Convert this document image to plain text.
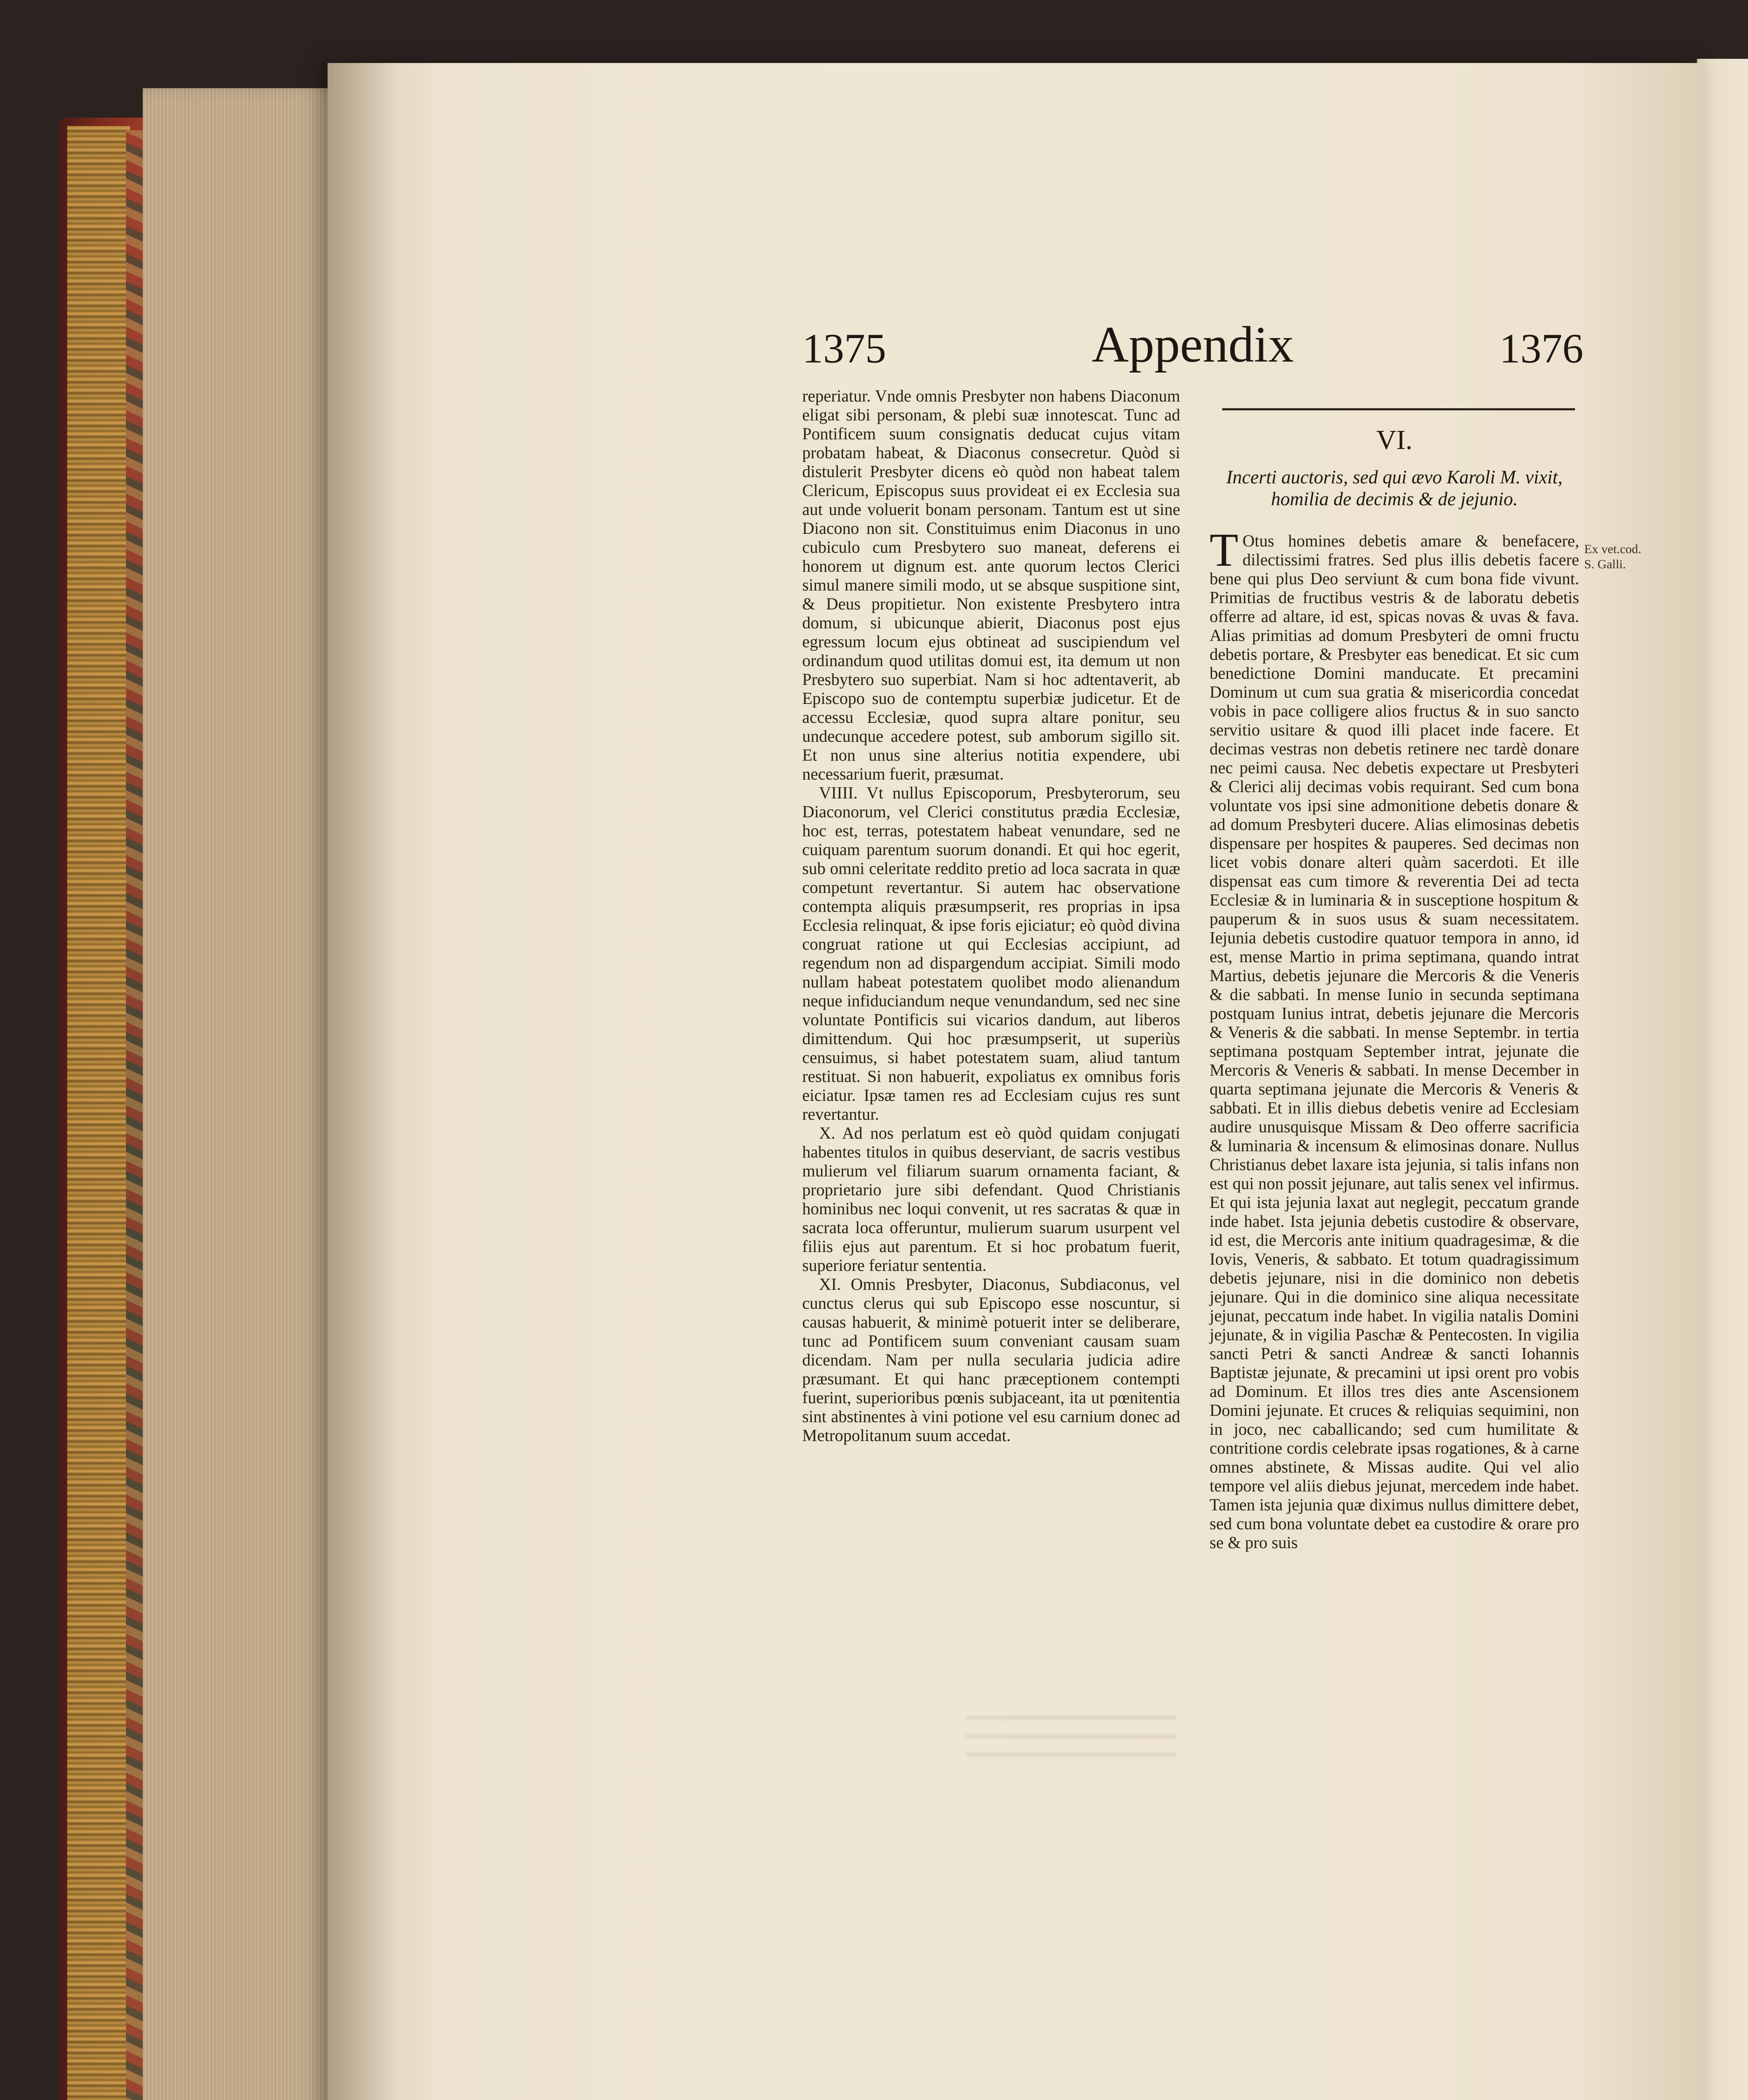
1375	Appendix	1376

reperiatur. Vnde omnis Presbyter non habens Diaconum eligat sibi personam, & plebi suæ innotescat. Tunc ad Pontificem suum consignatis deducat cujus vitam probatam habeat, & Diaconus consecretur. Quòd si distulerit Presbyter dicens eò quòd non habeat talem Clericum, Episcopus suus provideat ei ex Ecclesia sua aut unde voluerit bonam personam. Tantum est ut sine Diacono non sit. Constituimus enim Diaconus in uno cubiculo cum Presbytero suo maneat, deferens ei honorem ut dignum est. ante quorum lectos Clerici simul manere simili modo, ut se absque suspitione sint, & Deus propitietur. Non existente Presbytero intra domum, si ubicunque abierit, Diaconus post ejus egressum locum ejus obtineat ad suscipiendum vel ordinandum quod utilitas domui est, ita demum ut non Presbytero suo superbiat. Nam si hoc adtentaverit, ab Episcopo suo de contemptu superbiæ judicetur. Et de accessu Ecclesiæ, quod supra altare ponitur, seu undecunque accedere potest, sub amborum sigillo sit. Et non unus sine alterius notitia expendere, ubi necessarium fuerit, præsumat.

VIIII. Vt nullus Episcoporum, Presbyterorum, seu Diaconorum, vel Clerici constitutus prædia Ecclesiæ, hoc est, terras, potestatem habeat venundare, sed ne cuiquam parentum suorum donandi. Et qui hoc egerit, sub omni celeritate reddito pretio ad loca sacrata in quæ competunt revertantur. Si autem hac observatione contempta aliquis præsumpserit, res proprias in ipsa Ecclesia relinquat, & ipse foris ejiciatur; eò quòd divina congruat ratione ut qui Ecclesias accipiunt, ad regendum non ad dispargendum accipiat. Simili modo nullam habeat potestatem quolibet modo alienandum neque infiduciandum neque venundandum, sed nec sine voluntate Pontificis sui vicarios dandum, aut liberos dimittendum. Qui hoc præsumpserit, ut superiùs censuimus, si habet potestatem suam, aliud tantum restituat. Si non habuerit, expoliatus ex omnibus foris eiciatur. Ipsæ tamen res ad Ecclesiam cujus res sunt revertantur.

X. Ad nos perlatum est eò quòd quidam conjugati habentes titulos in quibus deserviant, de sacris vestibus mulierum vel filiarum suarum ornamenta faciant, & proprietario jure sibi defendant. Quod Christianis hominibus nec loqui convenit, ut res sacratas & quæ in sacrata loca offeruntur, mulierum suarum usurpent vel filiis ejus aut parentum. Et si hoc probatum fuerit, superiore feriatur sententia.

XI. Omnis Presbyter, Diaconus, Subdiaconus, vel cunctus clerus qui sub Episcopo esse noscuntur, si causas habuerit, & minimè potuerit inter se deliberare, tunc ad Pontificem suum conveniant causam suam dicendam. Nam per nulla secularia judicia adire præsumant. Et qui hanc præceptionem contempti fuerint, superioribus pœnis subjaceant, ita ut pœnitentia sint abstinentes à vini potione vel esu carnium donec ad Metropolitanum suum accedat.

VI.
Incerti auctoris, sed qui ævo Karoli M. vixit, homilia de decimis & de jejunio.

T Otus homines debetis amare & benefacere, dilectissimi fratres. Sed plus illis debetis facere bene qui plus Deo serviunt & cum bona fide vivunt. Primitias de fructibus vestris & de laboratu debetis offerre ad altare, id est, spicas novas & uvas & fava. Alias primitias ad domum Presbyteri de omni fructu debetis portare, & Presbyter eas benedicat. Et sic cum benedictione Domini manducate. Et precamini Dominum ut cum sua gratia & misericordia concedat vobis in pace colligere alios fructus & in suo sancto servitio usitare & quod illi placet inde facere. Et decimas vestras non debetis retinere nec tardè donare nec peimi causa. Nec debetis expectare ut Presbyteri & Clerici alij decimas vobis requirant. Sed cum bona voluntate vos ipsi sine admonitione debetis donare & ad domum Presbyteri ducere. Alias elimosinas debetis dispensare per hospites & pauperes. Sed decimas non licet vobis donare alteri quàm sacerdoti. Et ille dispensat eas cum timore & reverentia Dei ad tecta Ecclesiæ & in luminaria & in susceptione hospitum & pauperum & in suos usus & suam necessitatem. Iejunia debetis custodire quatuor tempora in anno, id est, mense Martio in prima septimana, quando intrat Martius, debetis jejunare die Mercoris & die Veneris & die sabbati. In mense Iunio in secunda septimana postquam Iunius intrat, debetis jejunare die Mercoris & Veneris & die sabbati. In mense Septembr. in tertia septimana postquam September intrat, jejunate die Mercoris & Veneris & sabbati. In mense December in quarta septimana jejunate die Mercoris & Veneris & sabbati. Et in illis diebus debetis venire ad Ecclesiam audire unusquisque Missam & Deo offerre sacrificia & luminaria & incensum & elimosinas donare. Nullus Christianus debet laxare ista jejunia, si talis infans non est qui non possit jejunare, aut talis senex vel infirmus. Et qui ista jejunia laxat aut neglegit, peccatum grande inde habet. Ista jejunia debetis custodire & observare, id est, die Mercoris ante initium quadragesimæ, & die Iovis, Veneris, & sabbato. Et totum quadragissimum debetis jejunare, nisi in die dominico non debetis jejunare. Qui in die dominico sine aliqua necessitate jejunat, peccatum inde habet. In vigilia natalis Domini jejunate, & in vigilia Paschæ & Pentecosten. In vigilia sancti Petri & sancti Andreæ & sancti Iohannis Baptistæ jejunate, & precamini ut ipsi orent pro vobis ad Dominum. Et illos tres dies ante Ascensionem Domini jejunate. Et cruces & reliquias sequimini, non in joco, nec caballicando; sed cum humilitate & contritione cordis celebrate ipsas rogationes, & à carne omnes abstinete, & Missas audite. Qui vel alio tempore vel aliis diebus jejunat, mercedem inde habet. Tamen ista jejunia quæ diximus nullus dimittere debet, sed cum bona voluntate debet ea custodire & orare pro se & pro suis

Ex vet.cod. S. Galli.
